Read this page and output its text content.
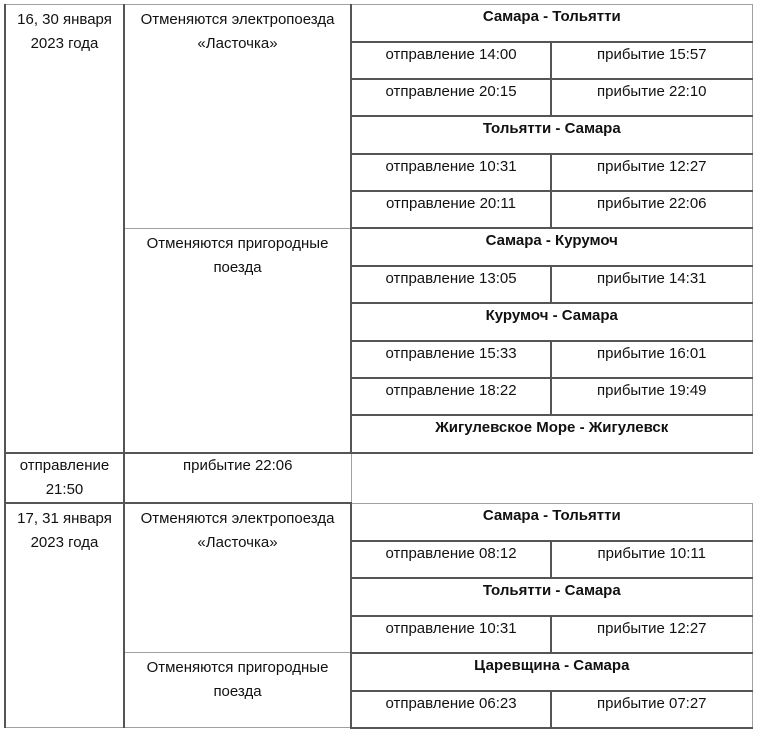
16, 30 января 2023 года	Отменяются электропоезда «Ласточка»	Самара - Тольятти	
		отправление 14:00	прибытие 15:57
		отправление 20:15	прибытие 22:10
		Тольятти - Самара	
		отправление 10:31	прибытие 12:27
		отправление 20:11	прибытие 22:06
	Отменяются пригородные поезда	Самара - Курумоч	
		отправление 13:05	прибытие 14:31
		Курумоч - Самара	
		отправление 15:33	прибытие 16:01
		отправление 18:22	прибытие 19:49
		Жигулевское Море - Жигулевск	
отправление 21:50	прибытие 22:06		
17, 31 января 2023 года	Отменяются электропоезда «Ласточка»	Самара - Тольятти	
		отправление 08:12	прибытие 10:11
		Тольятти - Самара	
		отправление 10:31	прибытие 12:27
	Отменяются пригородные поезда	Царевщина - Самара	
		отправление 06:23	прибытие 07:27
